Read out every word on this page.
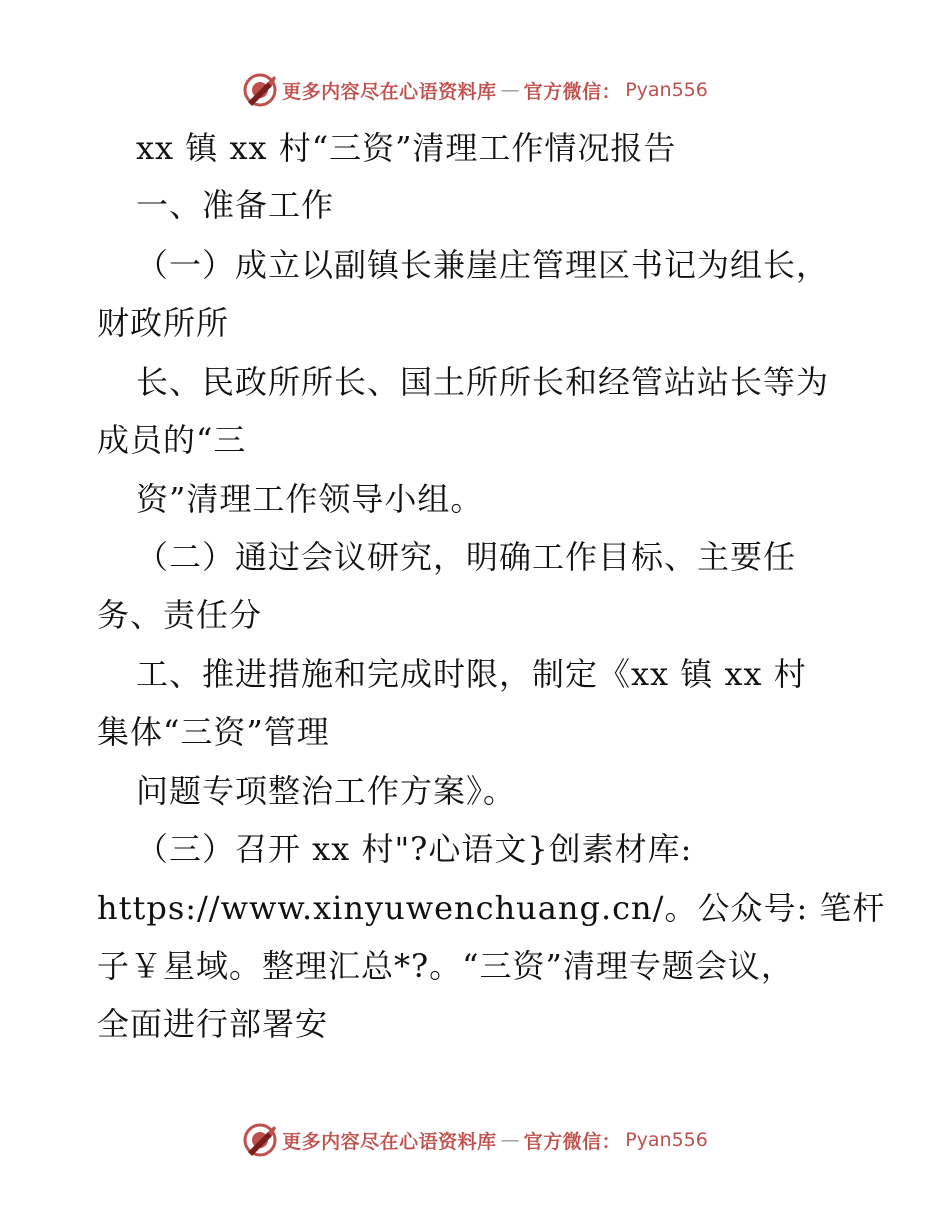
更多内容尽在心语资料库 — 官方微信： Pyan556
xx 镇 xx 村“三资”清理工作情况报告
一、准备工作
（一）成立以副镇长兼崖庄管理区书记为组长，
财政所所
长、民政所所长、国土所所长和经管站站长等为
成员的“三
资”清理工作领导小组。
（二）通过会议研究，明确工作目标、主要任
务、责任分
工、推进措施和完成时限，制定《xx 镇 xx 村
集体“三资”管理
问题专项整治工作方案》。
（三）召开 xx 村"?心语文}创素材库:
https://www.xinyuwenchuang.cn/。公众号: 笔杆
子￥星域。整理汇总*?。“三资”清理专题会议，
全面进行部署安
更多内容尽在心语资料库 — 官方微信： Pyan556
